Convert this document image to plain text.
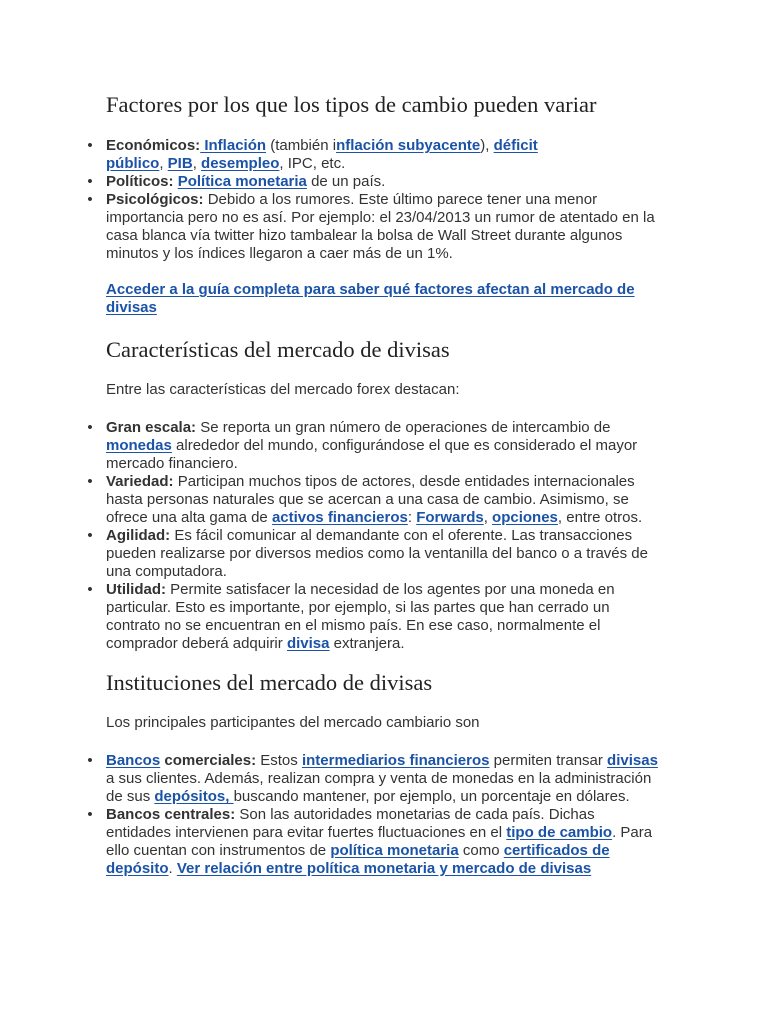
Factores por los que los tipos de cambio pueden variar
• Económicos: Inflación (también inflación subyacente), déficit público, PIB, desempleo, IPC, etc.
• Políticos: Política monetaria de un país.
• Psicológicos: Debido a los rumores. Este último parece tener una menor importancia pero no es así. Por ejemplo: el 23/04/2013 un rumor de atentado en la casa blanca vía twitter hizo tambalear la bolsa de Wall Street durante algunos minutos y los índices llegaron a caer más de un 1%.
Acceder a la guía completa para saber qué factores afectan al mercado de divisas
Características del mercado de divisas

Entre las características del mercado forex destacan:

• Gran escala: Se reporta un gran número de operaciones de intercambio de monedas alrededor del mundo, configurándose el que es considerado el mayor mercado financiero.
• Variedad: Participan muchos tipos de actores, desde entidades internacionales hasta personas naturales que se acercan a una casa de cambio. Asimismo, se ofrece una alta gama de activos financieros: Forwards, opciones, entre otros.
• Agilidad: Es fácil comunicar al demandante con el oferente. Las transacciones pueden realizarse por diversos medios como la ventanilla del banco o a través de una computadora.
• Utilidad: Permite satisfacer la necesidad de los agentes por una moneda en particular. Esto es importante, por ejemplo, si las partes que han cerrado un contrato no se encuentran en el mismo país. En ese caso, normalmente el comprador deberá adquirir divisa extranjera.
Instituciones del mercado de divisas

Los principales participantes del mercado cambiario son

• Bancos comerciales: Estos intermediarios financieros permiten transar divisas a sus clientes. Además, realizan compra y venta de monedas en la administración de sus depósitos, buscando mantener, por ejemplo, un porcentaje en dólares.
• Bancos centrales: Son las autoridades monetarias de cada país. Dichas entidades intervienen para evitar fuertes fluctuaciones en el tipo de cambio. Para ello cuentan con instrumentos de política monetaria como certificados de depósito. Ver relación entre política monetaria y mercado de divisas
